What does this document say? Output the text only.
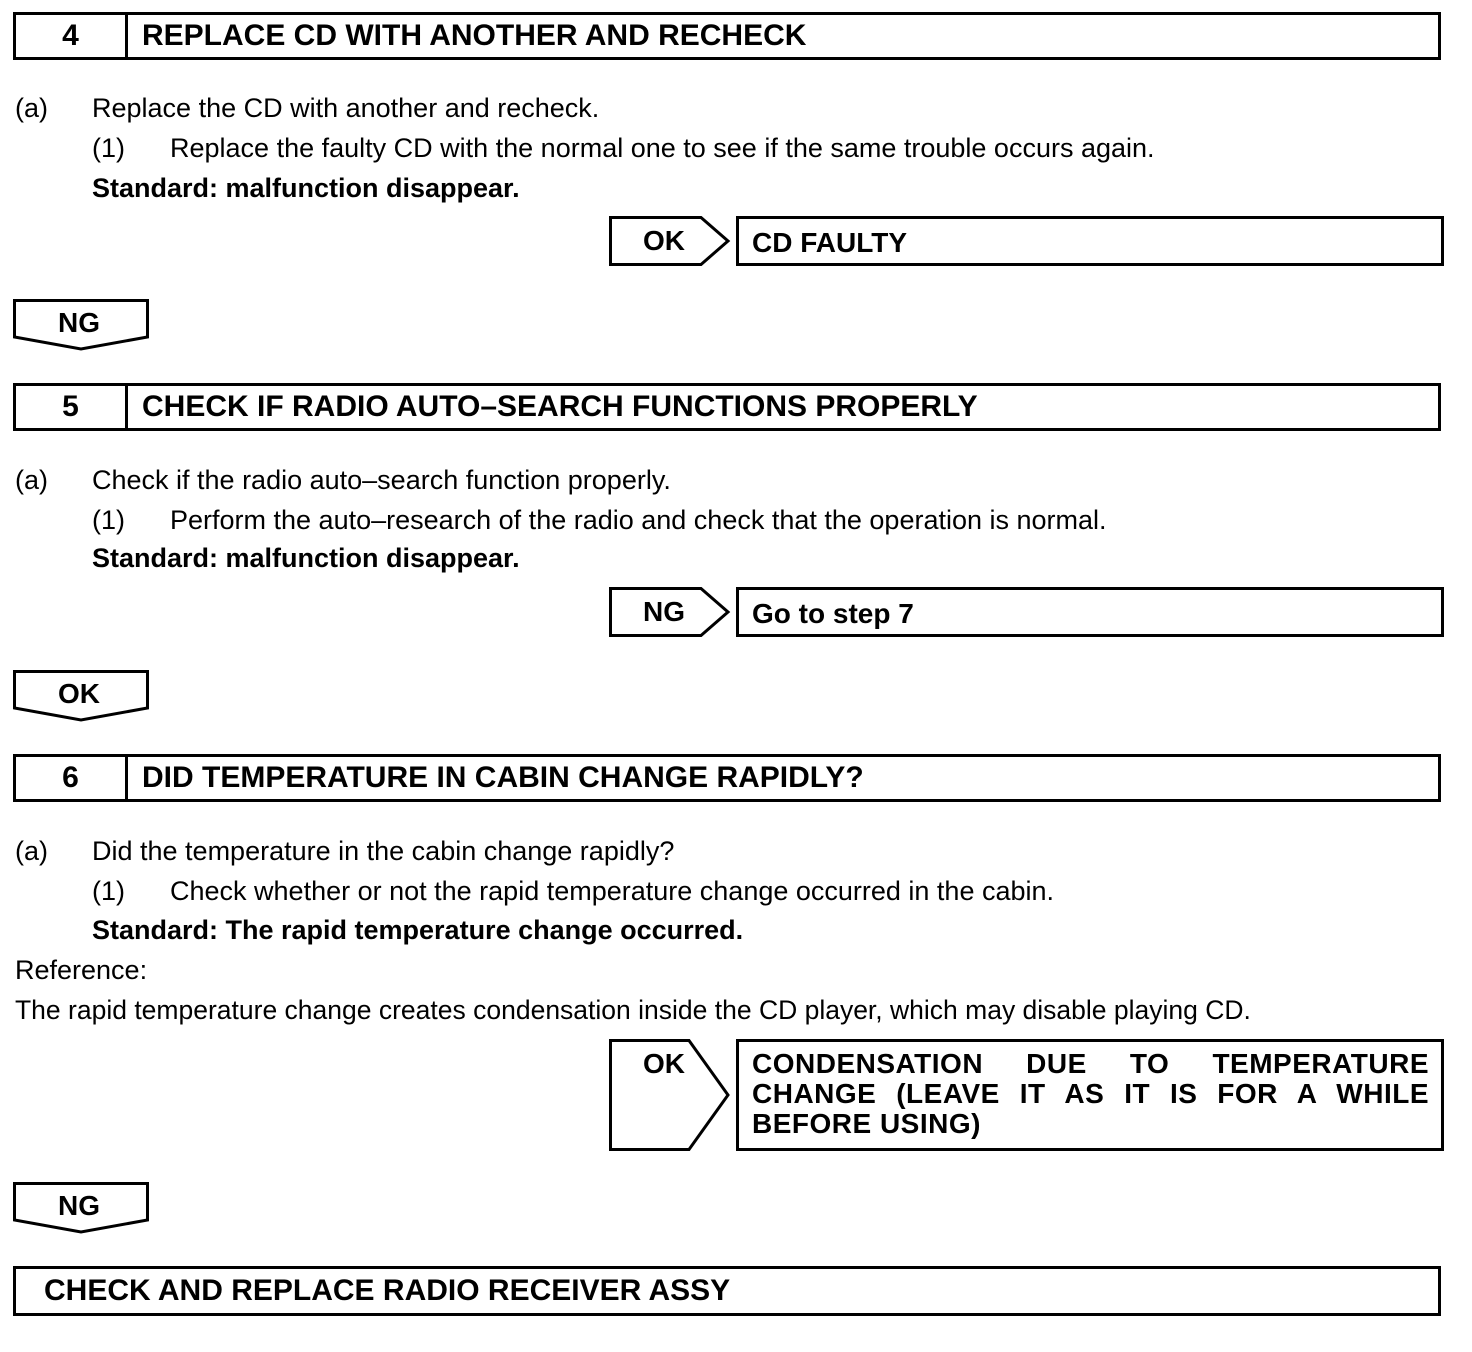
4	REPLACE CD WITH ANOTHER AND RECHECK
(a) Replace the CD with another and recheck.
(1) Replace the faulty CD with the normal one to see if the same trouble occurs again.
Standard: malfunction disappear.
OK	CD FAULTY
NG
5	CHECK IF RADIO AUTO–SEARCH FUNCTIONS PROPERLY
(a) Check if the radio auto–search function properly.
(1) Perform the auto–research of the radio and check that the operation is normal.
Standard: malfunction disappear.
NG	Go to step 7
OK
6	DID TEMPERATURE IN CABIN CHANGE RAPIDLY?
(a) Did the temperature in the cabin change rapidly?
(1) Check whether or not the rapid temperature change occurred in the cabin.
Standard: The rapid temperature change occurred.
Reference:
The rapid temperature change creates condensation inside the CD player, which may disable playing CD.
OK	CONDENSATION DUE TO TEMPERATURE CHANGE (LEAVE IT AS IT IS FOR A WHILE BEFORE USING)
NG
CHECK AND REPLACE RADIO RECEIVER ASSY
